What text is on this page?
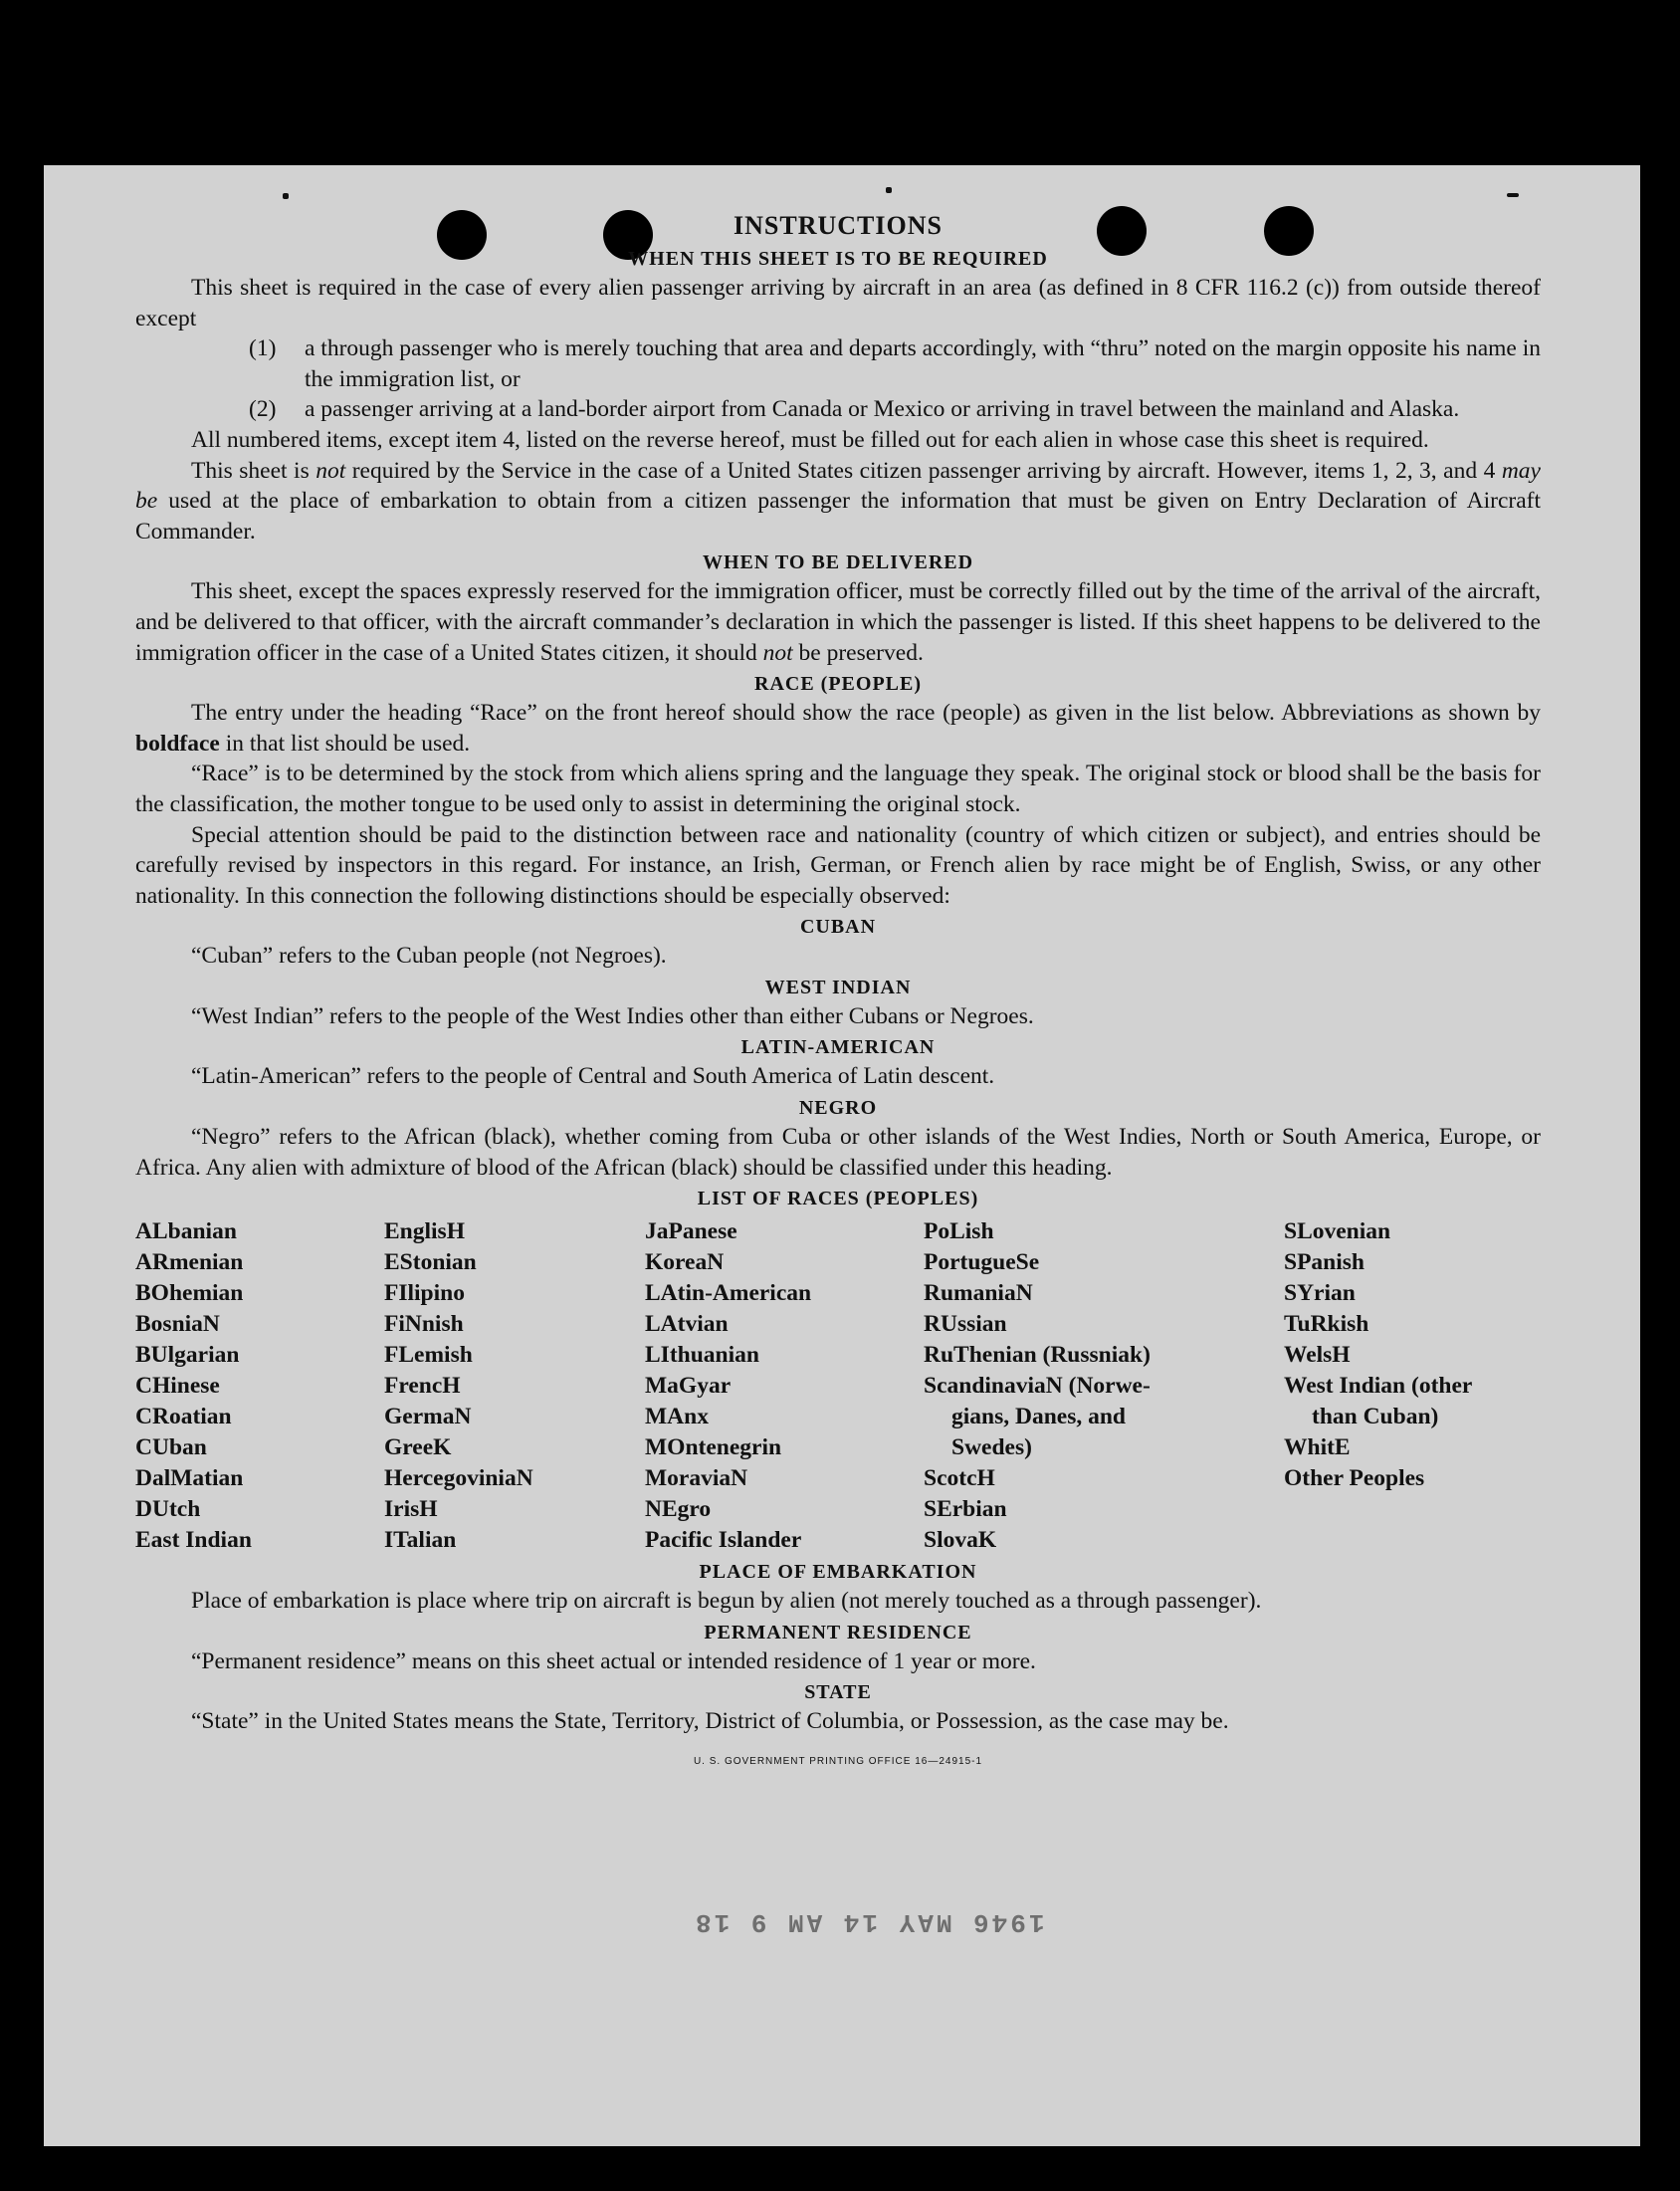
INSTRUCTIONS
WHEN THIS SHEET IS TO BE REQUIRED

This sheet is required in the case of every alien passenger arriving by aircraft in an area (as defined in 8 CFR 116.2 (c)) from outside thereof except

(1) a through passenger who is merely touching that area and departs accordingly, with “thru” noted on the margin opposite his name in the immigration list, or

(2) a passenger arriving at a land-border airport from Canada or Mexico or arriving in travel between the mainland and Alaska.

All numbered items, except item 4, listed on the reverse hereof, must be filled out for each alien in whose case this sheet is required.

This sheet is not required by the Service in the case of a United States citizen passenger arriving by aircraft. However, items 1, 2, 3, and 4 may be used at the place of embarkation to obtain from a citizen passenger the information that must be given on Entry Declaration of Aircraft Commander.

WHEN TO BE DELIVERED

This sheet, except the spaces expressly reserved for the immigration officer, must be correctly filled out by the time of the arrival of the aircraft, and be delivered to that officer, with the aircraft commander’s declaration in which the passenger is listed. If this sheet happens to be delivered to the immigration officer in the case of a United States citizen, it should not be preserved.

RACE (PEOPLE)

The entry under the heading “Race” on the front hereof should show the race (people) as given in the list below. Abbreviations as shown by boldface in that list should be used.

“Race” is to be determined by the stock from which aliens spring and the language they speak. The original stock or blood shall be the basis for the classification, the mother tongue to be used only to assist in determining the original stock.

Special attention should be paid to the distinction between race and nationality (country of which citizen or subject), and entries should be carefully revised by inspectors in this regard. For instance, an Irish, German, or French alien by race might be of English, Swiss, or any other nationality. In this connection the following distinctions should be especially observed:

CUBAN

“Cuban” refers to the Cuban people (not Negroes).

WEST INDIAN

“West Indian” refers to the people of the West Indies other than either Cubans or Negroes.

LATIN-AMERICAN

“Latin-American” refers to the people of Central and South America of Latin descent.

NEGRO

“Negro” refers to the African (black), whether coming from Cuba or other islands of the West Indies, North or South America, Europe, or Africa. Any alien with admixture of blood of the African (black) should be classified under this heading.

LIST OF RACES (PEOPLES)
ALbanian
ARmenian
BOhemian
BosniaN
BUlgarian
CHinese
CRoatian
CUban
DalMatian
DUtch
East Indian
EnglisH
EStonian
FIlipino
FiNnish
FLemish
FrencH
GermaN
GreeK
HercegoviniaN
IrisH
ITalian
JaPanese
KoreaN
LAtin-American
LAtvian
LIthuanian
MaGyar
MAnx
MOntenegrin
MoraviaN
NEgro
Pacific Islander
PoLish
PortugueSe
RumaniaN
RUssian
RuThenian (Russniak)
ScandinaviaN (Norwe-
gians, Danes, and
Swedes)
ScotcH
SErbian
SlovaK
SLovenian
SPanish
SYrian
TuRkish
WelsH
West Indian (other
than Cuban)
WhitE
Other Peoples
PLACE OF EMBARKATION

Place of embarkation is place where trip on aircraft is begun by alien (not merely touched as a through passenger).

PERMANENT RESIDENCE

“Permanent residence” means on this sheet actual or intended residence of 1 year or more.

STATE

“State” in the United States means the State, Territory, District of Columbia, or Possession, as the case may be.

U. S. GOVERNMENT PRINTING OFFICE 16—24915-1
1946 MAY 14 AM 9 18
